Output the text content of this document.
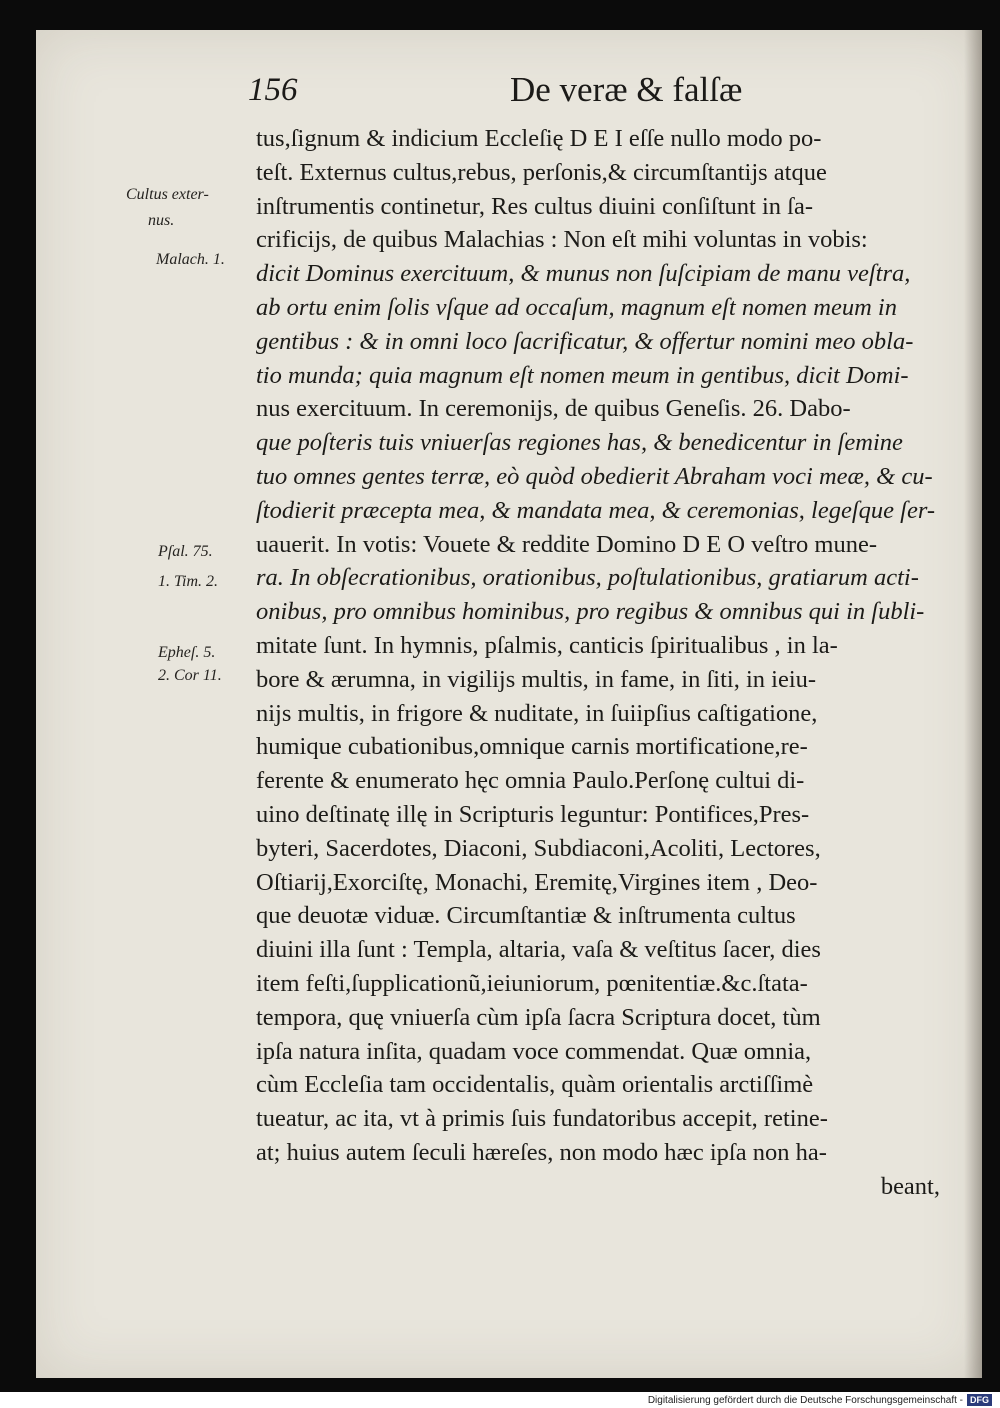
156	De veræ & falſæ
Cultus exter-
nus.
Malach. 1.
Pſal. 75.
1. Tim. 2.
Epheſ. 5.
2. Cor 11.
tus,ſignum & indicium Eccleſię D E I eſſe nullo modo po-
teſt. Externus cultus,rebus, perſonis,& circumſtantijs atque
inſtrumentis continetur, Res cultus diuini conſiſtunt in ſa-
crificijs, de quibus Malachias : Non eſt mihi voluntas in vobis:
dicit Dominus exercituum, & munus non ſuſcipiam de manu veſtra,
ab ortu enim ſolis vſque ad occaſum, magnum eſt nomen meum in
gentibus : & in omni loco ſacrificatur, & offertur nomini meo obla-
tio munda; quia magnum eſt nomen meum in gentibus, dicit Domi-
nus exercituum. In ceremonijs, de quibus Geneſis. 26. Dabo-
que poſteris tuis vniuerſas regiones has, & benedicentur in ſemine
tuo omnes gentes terræ, eò quòd obedierit Abraham voci meæ, & cu-
ſtodierit præcepta mea, & mandata mea, & ceremonias, legeſque ſer-
uauerit. In votis: Vouete & reddite Domino D E O veſtro mune-
ra. In obſecrationibus, orationibus, poſtulationibus, gratiarum acti-
onibus, pro omnibus hominibus, pro regibus & omnibus qui in ſubli-
mitate ſunt. In hymnis, pſalmis, canticis ſpiritualibus , in la-
bore & ærumna, in vigilijs multis, in fame, in ſiti, in ieiu-
nijs multis, in frigore & nuditate, in ſuiipſius caſtigatione,
humique cubationibus,omnique carnis mortificatione,re-
ferente & enumerato hęc omnia Paulo.Perſonę cultui di-
uino deſtinatę illę in Scripturis leguntur: Pontifices,Pres-
byteri, Sacerdotes, Diaconi, Subdiaconi,Acoliti, Lectores,
Oſtiarij,Exorciſtę, Monachi, Eremitę,Virgines item , Deo-
que deuotæ viduæ. Circumſtantiæ & inſtrumenta cultus
diuini illa ſunt : Templa, altaria, vaſa & veſtitus ſacer, dies
item feſti,ſupplicationũ,ieiuniorum, pœnitentiæ.&c.ſtata-
tempora, quę vniuerſa cùm ipſa ſacra Scriptura docet, tùm
ipſa natura inſita, quadam voce commendat. Quæ omnia,
cùm Eccleſia tam occidentalis, quàm orientalis arctiſſimè
tueatur, ac ita, vt à primis ſuis fundatoribus accepit, retine-
at; huius autem ſeculi hæreſes, non modo hæc ipſa non ha-
beant,
Digitalisierung gefördert durch die Deutsche Forschungsgemeinschaft - DFG
